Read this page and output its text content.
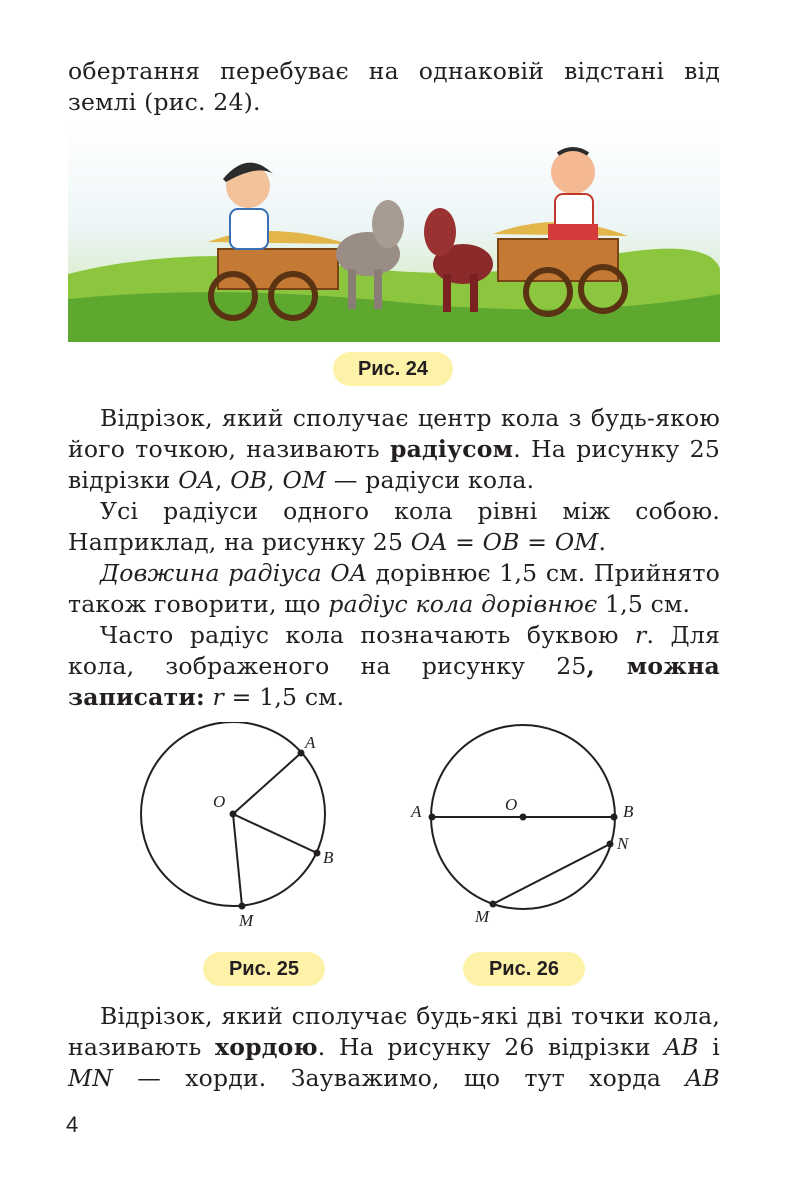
обертання перебуває на однаковій відстані від

землі (рис. 24).

Рис. 24

Відрізок, який сполучає центр кола з будь-якою його точкою, називають радіусом. На рисунку 25 відрізки OA, OB, OM — радіуси кола.

Усі радіуси одного кола рівні між собою. Наприклад, на рисунку 25 OA = OB = OM.

Довжина радіуса OA дорівнює 1,5 см. Прийнято також говорити, що радіус кола дорівнює 1,5 см.

Часто радіус кола позначають буквою r. Для кола, зображеного на рисунку 25, можна записати: r = 1,5 см.

O
A
B
M
Рис. 25
O
A	B
N
M
Рис. 26

Відрізок, який сполучає будь-які дві точки кола, називають хордою. На рисунку 26 відрізки AB і MN — хорди. Зауважимо, що тут хорда AB

4
